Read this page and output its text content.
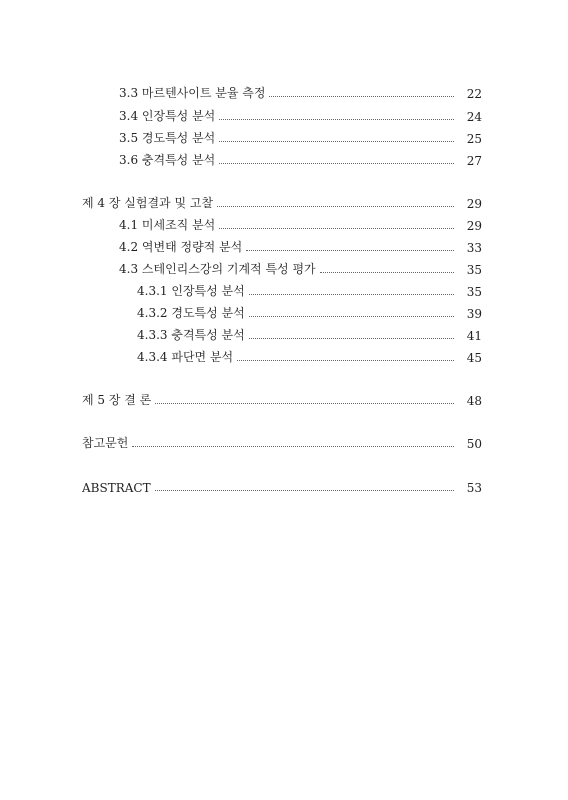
3.3 마르텐사이트 분율 측정	22
3.4 인장특성 분석	24
3.5 경도특성 분석	25
3.6 충격특성 분석	27
제 4 장 실험결과 및 고찰	29
4.1 미세조직 분석	29
4.2 역변태 정량적 분석	33
4.3 스테인리스강의 기계적 특성 평가	35
4.3.1 인장특성 분석	35
4.3.2 경도특성 분석	39
4.3.3 충격특성 분석	41
4.3.4 파단면 분석	45
제 5 장 결 론	48
참고문헌	50
ABSTRACT	53
